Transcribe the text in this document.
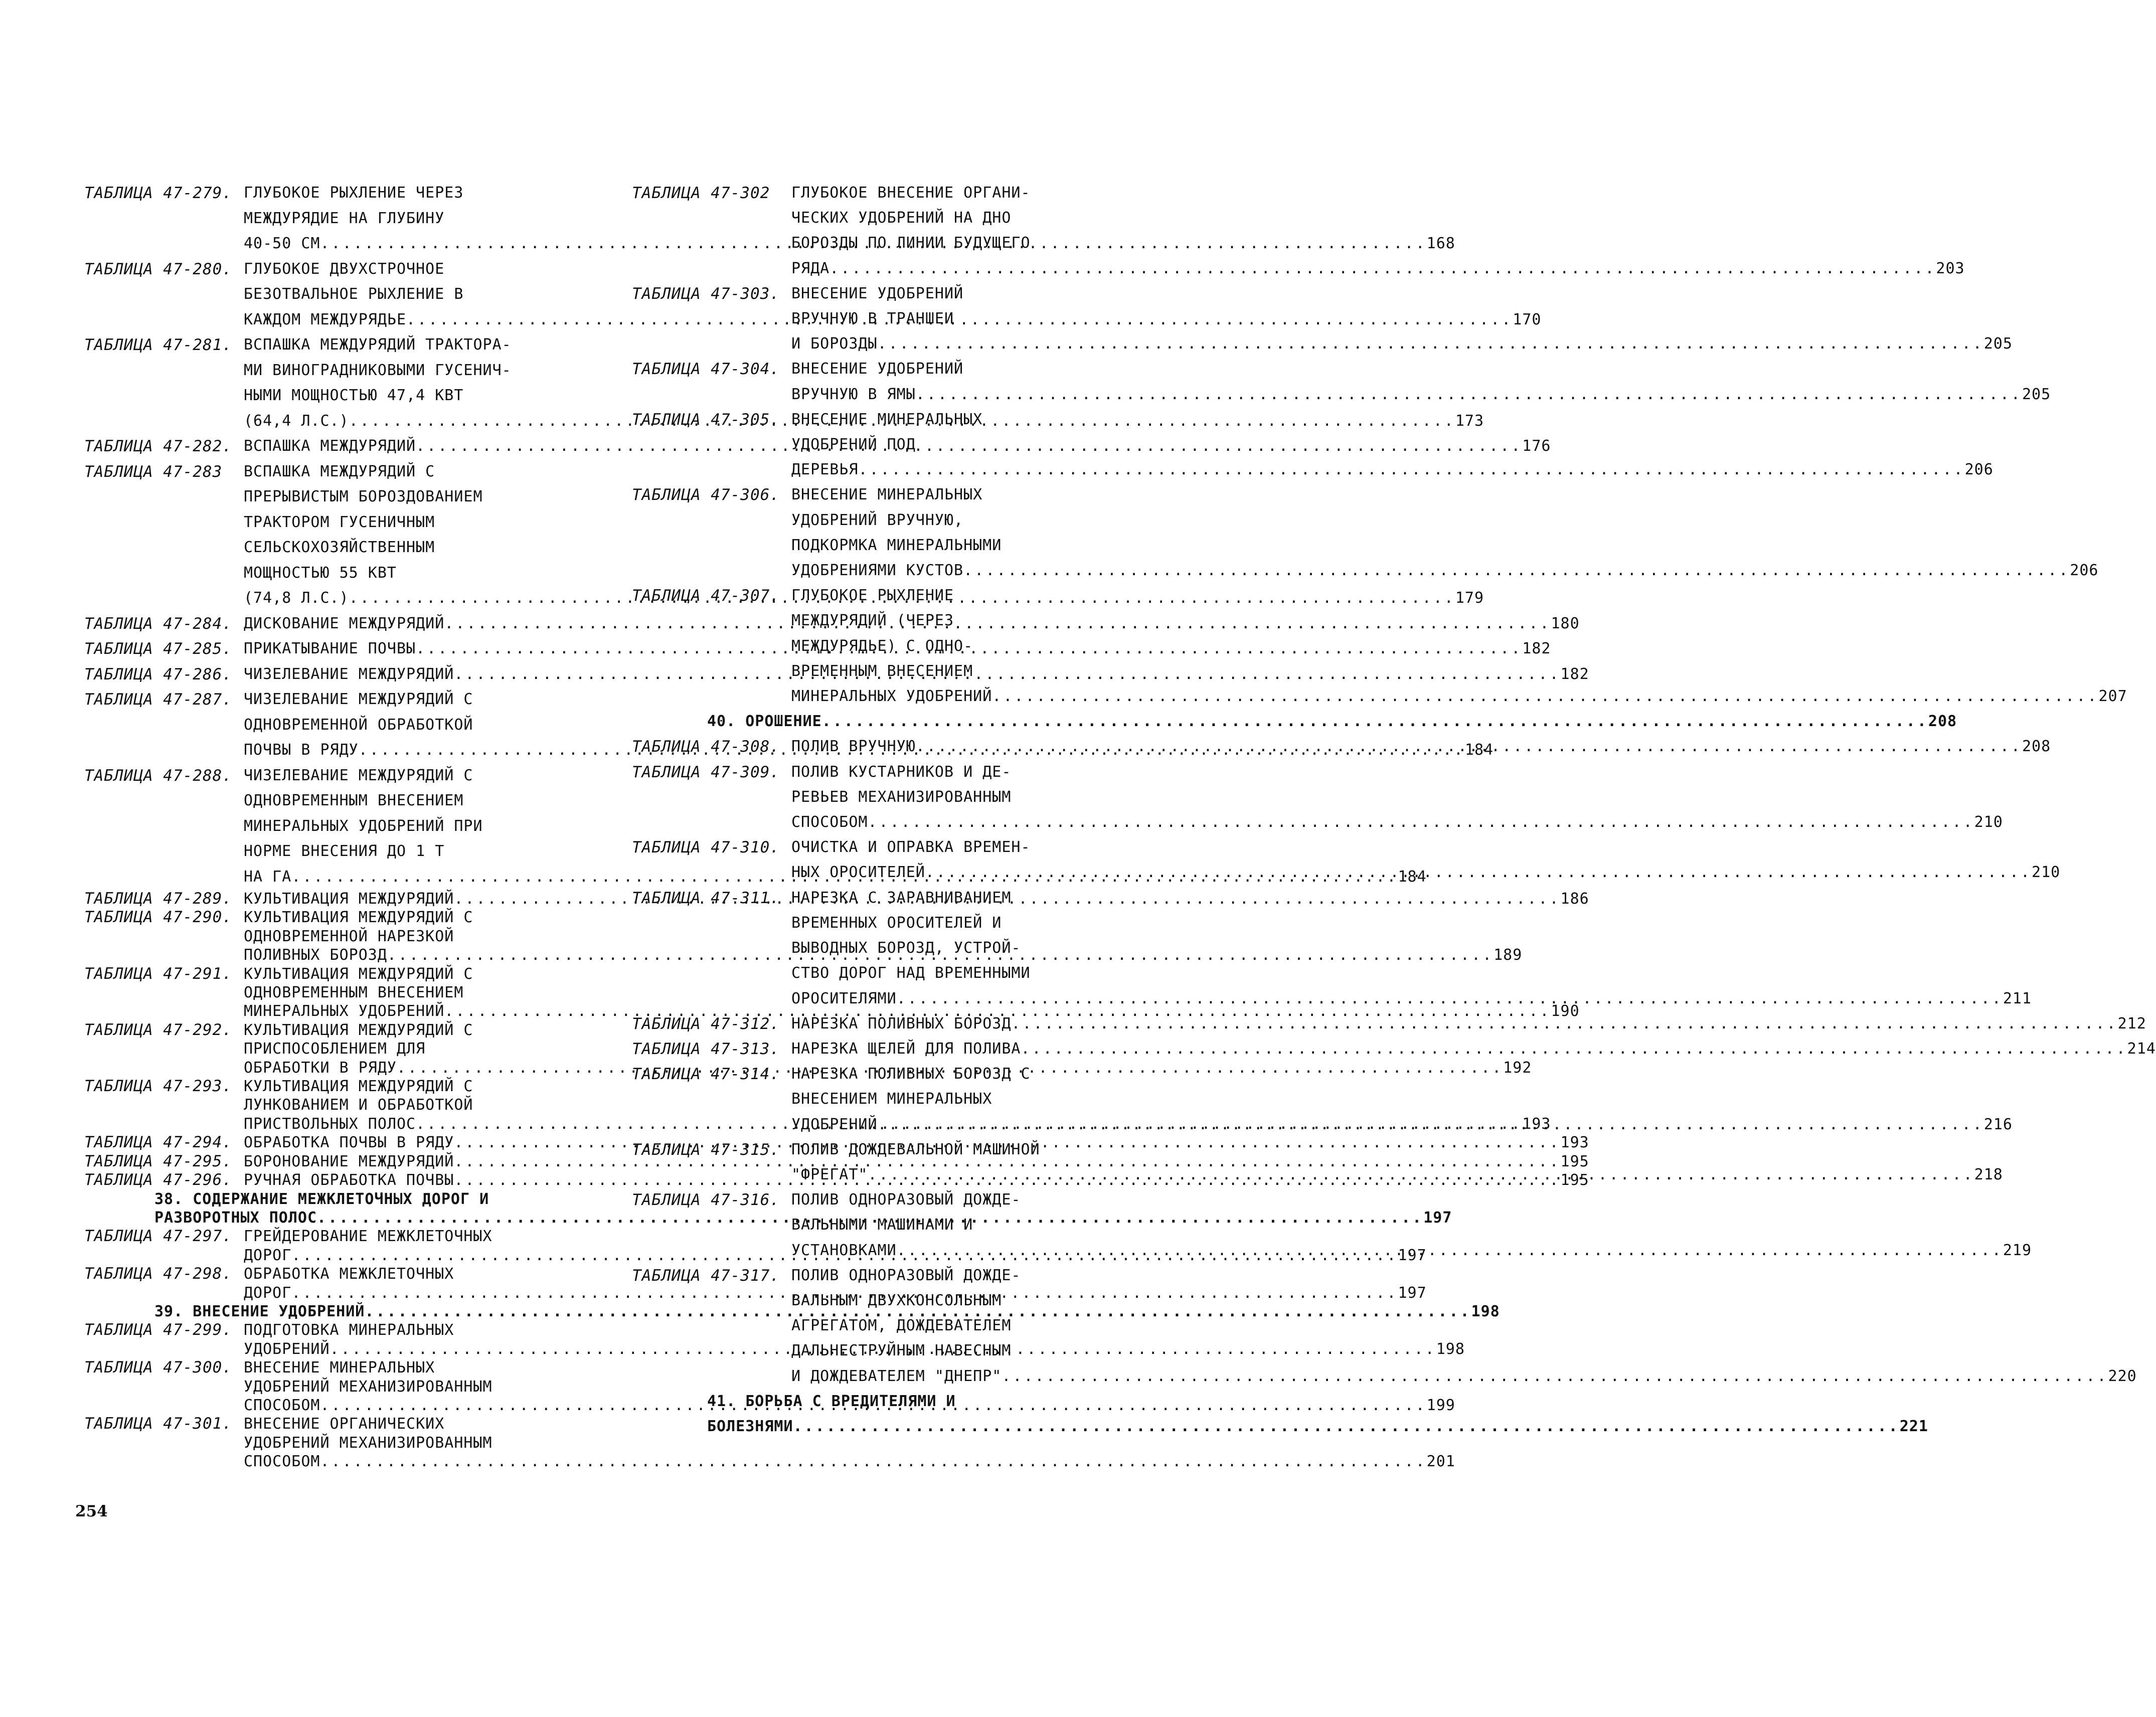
ТАБЛИЦА 47-279. ГЛУБОКОЕ РЫХЛЕНИЕ ЧЕРЕЗ
МЕЖДУРЯДИЕ НА ГЛУБИНУ
40-50 СМ .....	168
ТАБЛИЦА 47-280. ГЛУБОКОЕ ДВУХСТРОЧНОЕ
БЕЗОТВАЛЬНОЕ РЫХЛЕНИЕ В
КАЖДОМ МЕЖДУРЯДЬЕ .....	170
ТАБЛИЦА 47-281. ВСПАШКА МЕЖДУРЯДИЙ ТРАКТОРА-
МИ ВИНОГРАДНИКОВЫМИ ГУСЕНИЧ-
НЫМИ МОЩНОСТЬЮ 47,4 КВТ
(64,4 Л.С.) .....	173
ТАБЛИЦА 47-282. ВСПАШКА МЕЖДУРЯДИЙ .....	176
ТАБЛИЦА 47-283	ВСПАШКА МЕЖДУРЯДИЙ С
ПРЕРЫВИСТЫМ БОРОЗДОВАНИЕМ
ТРАКТОРОМ ГУСЕНИЧНЫМ
СЕЛЬСКОХОЗЯЙСТВЕННЫМ
МОЩНОСТЬЮ 55 КВТ
(74,8 Л.С.) .....	179
ТАБЛИЦА 47-284. ДИСКОВАНИЕ МЕЖДУРЯДИЙ .....	180
ТАБЛИЦА 47-285. ПРИКАТЫВАНИЕ ПОЧВЫ .....	182
ТАБЛИЦА 47-286. ЧИЗЕЛЕВАНИЕ МЕЖДУРЯДИЙ .....	182
ТАБЛИЦА 47-287. ЧИЗЕЛЕВАНИЕ МЕЖДУРЯДИЙ С
ОДНОВРЕМЕННОЙ ОБРАБОТКОЙ
ПОЧВЫ В РЯДУ .....	184
ТАБЛИЦА 47-288. ЧИЗЕЛЕВАНИЕ МЕЖДУРЯДИЙ С
ОДНОВРЕМЕННЫМ ВНЕСЕНИЕМ
МИНЕРАЛЬНЫХ УДОБРЕНИЙ ПРИ
НОРМЕ ВНЕСЕНИЯ ДО 1 Т
НА ГА .....	184
ТАБЛИЦА 47-289. КУЛЬТИВАЦИЯ МЕЖДУРЯДИЙ .....	186
ТАБЛИЦА 47-290. КУЛЬТИВАЦИЯ МЕЖДУРЯДИЙ С
ОДНОВРЕМЕННОЙ НАРЕЗКОЙ
ПОЛИВНЫХ БОРОЗД .....	189
ТАБЛИЦА 47-291. КУЛЬТИВАЦИЯ МЕЖДУРЯДИЙ С
ОДНОВРЕМЕННЫМ ВНЕСЕНИЕМ
МИНЕРАЛЬНЫХ УДОБРЕНИЙ .....	190
ТАБЛИЦА 47-292. КУЛЬТИВАЦИЯ МЕЖДУРЯДИЙ С
ПРИСПОСОБЛЕНИЕМ ДЛЯ
ОБРАБОТКИ В РЯДУ .....	192
ТАБЛИЦА 47-293. КУЛЬТИВАЦИЯ МЕЖДУРЯДИЙ С
ЛУНКОВАНИЕМ И ОБРАБОТКОЙ
ПРИСТВОЛЬНЫХ ПОЛОС .....	193
ТАБЛИЦА 47-294. ОБРАБОТКА ПОЧВЫ В РЯДУ .....	193
ТАБЛИЦА 47-295. БОРОНОВАНИЕ МЕЖДУРЯДИЙ .....	195
ТАБЛИЦА 47-296. РУЧНАЯ ОБРАБОТКА ПОЧВЫ .....	195
38. СОДЕРЖАНИЕ МЕЖКЛЕТОЧНЫХ ДОРОГ И
РАЗВОРОТНЫХ ПОЛОС .....	197
ТАБЛИЦА 47-297. ГРЕЙДЕРОВАНИЕ МЕЖКЛЕТОЧНЫХ
ДОРОГ .....	197
ТАБЛИЦА 47-298. ОБРАБОТКА МЕЖКЛЕТОЧНЫХ
ДОРОГ .....	197
39. ВНЕСЕНИЕ УДОБРЕНИЙ .....	198
ТАБЛИЦА 47-299. ПОДГОТОВКА МИНЕРАЛЬНЫХ
УДОБРЕНИЙ .....	198
ТАБЛИЦА 47-300. ВНЕСЕНИЕ МИНЕРАЛЬНЫХ
УДОБРЕНИЙ МЕХАНИЗИРОВАННЫМ
СПОСОБОМ .....	199
ТАБЛИЦА 47-301. ВНЕСЕНИЕ ОРГАНИЧЕСКИХ
УДОБРЕНИЙ МЕХАНИЗИРОВАННЫМ
СПОСОБОМ .....	201
ТАБЛИЦА 47-302	ГЛУБОКОЕ ВНЕСЕНИЕ ОРГАНИ-
ЧЕСКИХ УДОБРЕНИЙ НА ДНО
БОРОЗДЫ ПО ЛИНИИ БУДУЩЕГО
РЯДА .....	203
ТАБЛИЦА 47-303. ВНЕСЕНИЕ УДОБРЕНИЙ
ВРУЧНУЮ В ТРАНШЕИ
И БОРОЗДЫ .....	205
ТАБЛИЦА 47-304. ВНЕСЕНИЕ УДОБРЕНИЙ
ВРУЧНУЮ В ЯМЫ .....	205
ТАБЛИЦА 47-305. ВНЕСЕНИЕ МИНЕРАЛЬНЫХ
УДОБРЕНИЙ ПОД
ДЕРЕВЬЯ .....	206
ТАБЛИЦА 47-306. ВНЕСЕНИЕ МИНЕРАЛЬНЫХ
УДОБРЕНИЙ ВРУЧНУЮ,
ПОДКОРМКА МИНЕРАЛЬНЫМИ
УДОБРЕНИЯМИ КУСТОВ .....	206
ТАБЛИЦА 47-307. ГЛУБОКОЕ РЫХЛЕНИЕ
МЕЖДУРЯДИЙ (ЧЕРЕЗ
МЕЖДУРЯДЬЕ) С ОДНО-
ВРЕМЕННЫМ ВНЕСЕНИЕМ
МИНЕРАЛЬНЫХ УДОБРЕНИЙ .....	207
40. ОРОШЕНИЕ .....	208
ТАБЛИЦА 47-308. ПОЛИВ ВРУЧНУЮ .....	208
ТАБЛИЦА 47-309. ПОЛИВ КУСТАРНИКОВ И ДЕ-
РЕВЬЕВ МЕХАНИЗИРОВАННЫМ
СПОСОБОМ .....	210
ТАБЛИЦА 47-310. ОЧИСТКА И ОПРАВКА ВРЕМЕН-
НЫХ ОРОСИТЕЛЕЙ .....	210
ТАБЛИЦА 47-311. НАРЕЗКА С ЗАРАВНИВАНИЕМ
ВРЕМЕННЫХ ОРОСИТЕЛЕЙ И
ВЫВОДНЫХ БОРОЗД, УСТРОЙ-
СТВО ДОРОГ НАД ВРЕМЕННЫМИ
ОРОСИТЕЛЯМИ .....	211
ТАБЛИЦА 47-312. НАРЕЗКА ПОЛИВНЫХ БОРОЗД .....	212
ТАБЛИЦА 47-313. НАРЕЗКА ЩЕЛЕЙ ДЛЯ ПОЛИВА .....	214
ТАБЛИЦА 47-314. НАРЕЗКА ПОЛИВНЫХ БОРОЗД С
ВНЕСЕНИЕМ МИНЕРАЛЬНЫХ
УДОБРЕНИЙ .....	216
ТАБЛИЦА 47-315. ПОЛИВ ДОЖДЕВАЛЬНОЙ МАШИНОЙ
"ФРЕГАТ" .....	218
ТАБЛИЦА 47-316. ПОЛИВ ОДНОРАЗОВЫЙ ДОЖДЕ-
ВАЛЬНЫМИ МАШИНАМИ И
УСТАНОВКАМИ .....	219
ТАБЛИЦА 47-317. ПОЛИВ ОДНОРАЗОВЫЙ ДОЖДЕ-
ВАЛЬНЫМ ДВУХКОНСОЛЬНЫМ
АГРЕГАТОМ, ДОЖДЕВАТЕЛЕМ
ДАЛЬНЕСТРУЙНЫМ НАВЕСНЫМ
И ДОЖДЕВАТЕЛЕМ "ДНЕПР" .....	220
41. БОРЬБА С ВРЕДИТЕЛЯМИ И
БОЛЕЗНЯМИ .....	221
254
